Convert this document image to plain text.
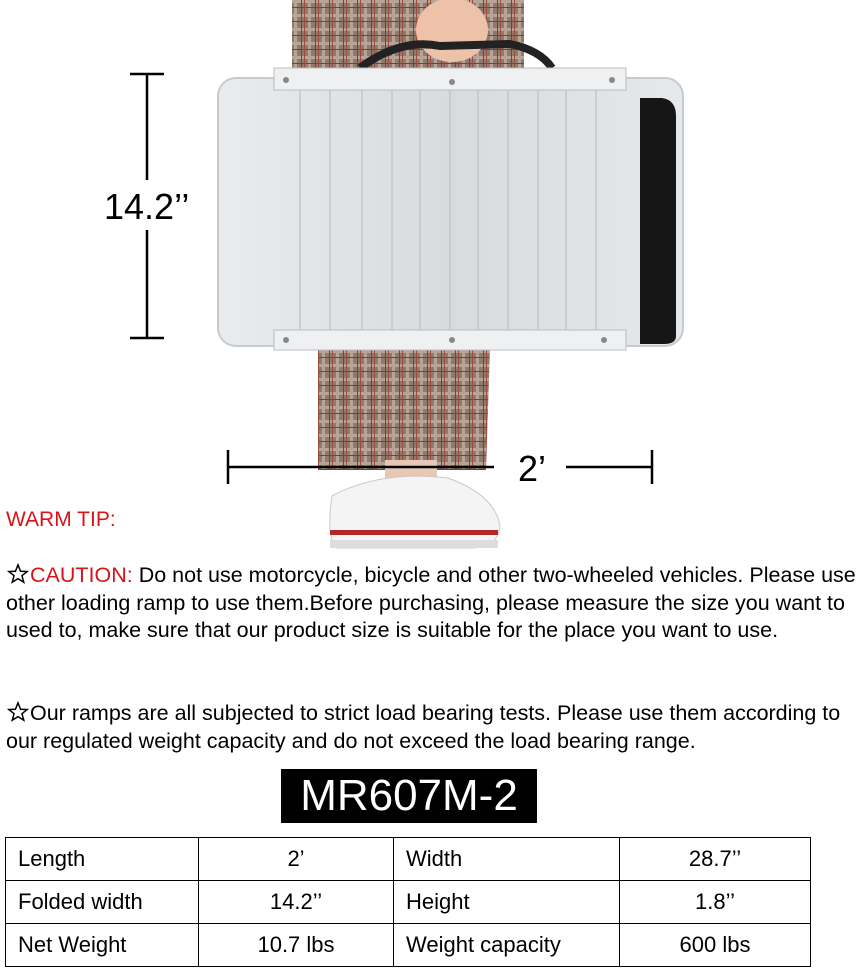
14.2’’
2’
WARM TIP:
CAUTION: Do not use motorcycle, bicycle and other two-wheeled vehicles. Please use other loading ramp to use them.Before purchasing, please measure the size you want to used to, make sure that our product size is suitable for the place you want to use.
Our ramps are all subjected to strict load bearing tests. Please use them according to our regulated weight capacity and do not exceed the load bearing range.
MR607M-2
Length	2’	Width	28.7’’
Folded width	14.2’’	Height	1.8’’
Net Weight	10.7 lbs	Weight capacity	600 lbs
